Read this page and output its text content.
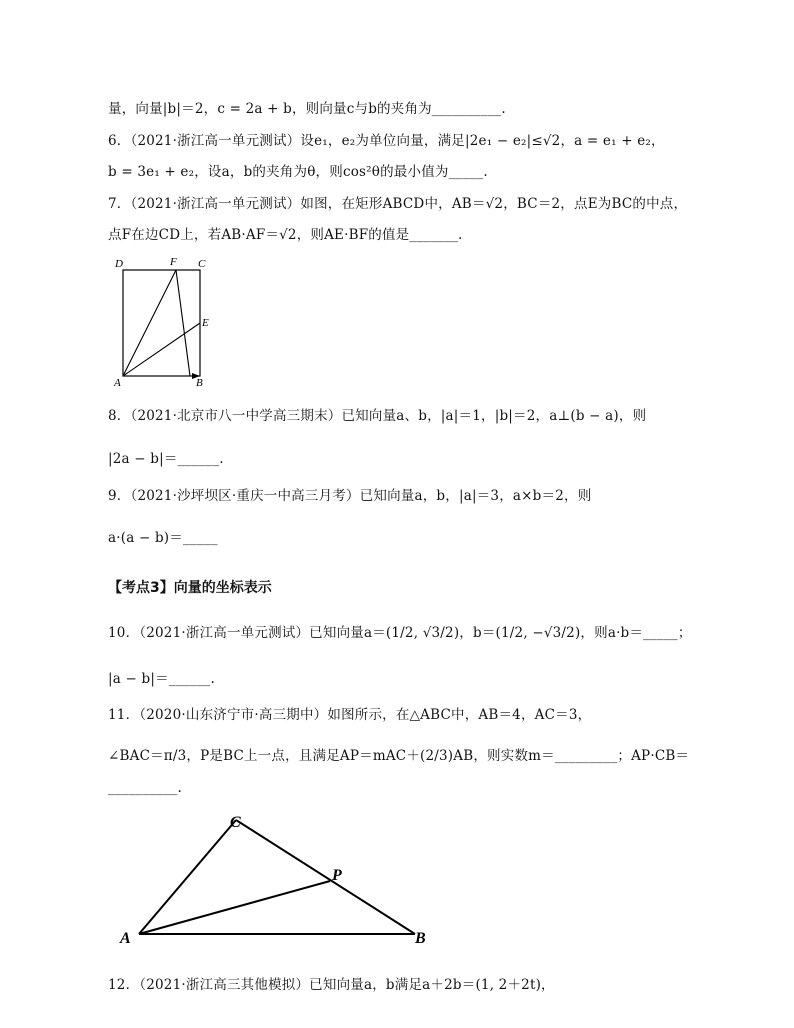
量，向量|b|＝2，c = 2a + b，则向量c与b的夹角为__________.
6．（2021·浙江高一单元测试）设e₁，e₂为单位向量，满足|2e₁ − e₂|≤√2，a = e₁ + e₂，
b = 3e₁ + e₂，设a，b的夹角为θ，则cos²θ的最小值为_____.
7．（2021·浙江高一单元测试）如图，在矩形ABCD中，AB＝√2，BC＝2，点E为BC的中点，
点F在边CD上，若AB·AF＝√2，则AE·BF的值是_______.
D	F C
E
A	B
8．（2021·北京市八一中学高三期末）已知向量a、b，|a|＝1，|b|＝2，a⊥(b − a)，则
|2a − b|＝______.
9．（2021·沙坪坝区·重庆一中高三月考）已知向量a，b，|a|＝3，a×b＝2，则
a·(a − b)＝_____
【考点3】向量的坐标表示
10．（2021·浙江高一单元测试）已知向量a＝(1/2, √3/2)，b＝(1/2, −√3/2)，则a·b＝_____；
|a − b|＝______.
11．（2020·山东济宁市·高三期中）如图所示，在△ABC中，AB＝4，AC＝3，
∠BAC＝π/3，P是BC上一点，且满足AP＝mAC＋(2/3)AB，则实数m＝_________；AP·CB＝
__________.
C
P
A	B
12．（2021·浙江高三其他模拟）已知向量a，b满足a＋2b＝(1, 2＋2t)，
